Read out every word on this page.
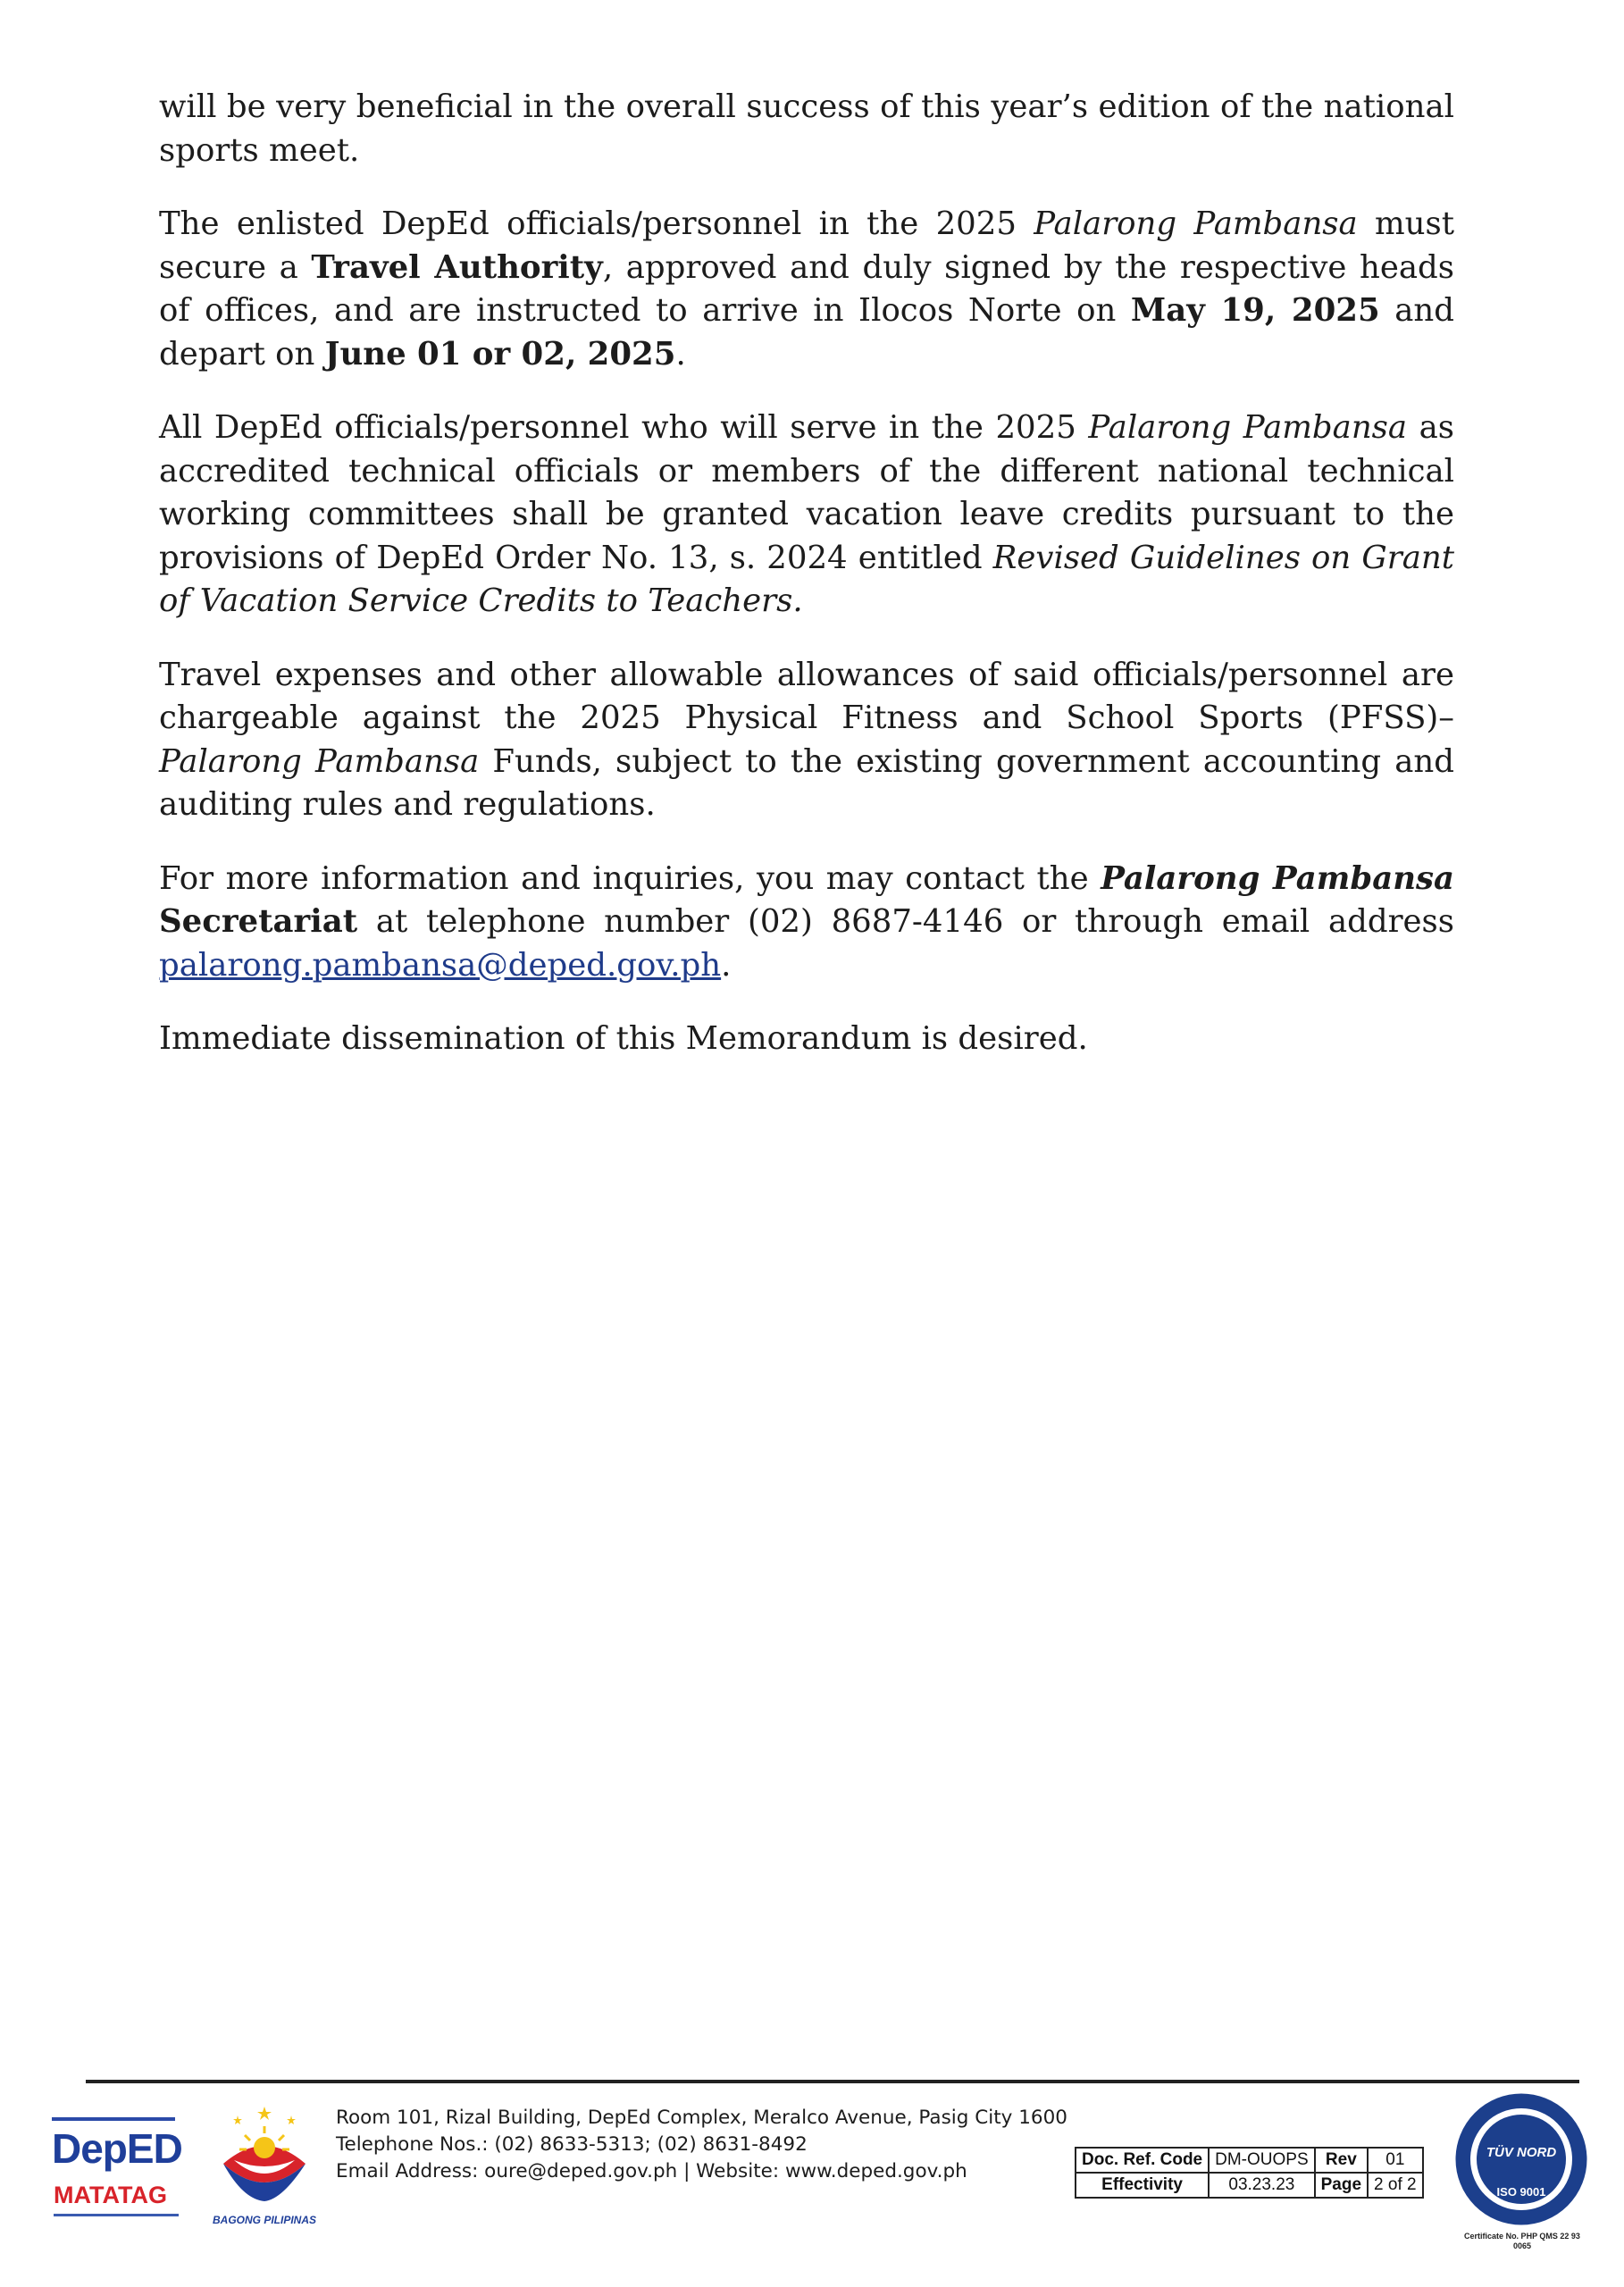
will be very beneficial in the overall success of this year’s edition of the national sports meet.

The enlisted DepEd officials/personnel in the 2025 Palarong Pambansa must secure a Travel Authority, approved and duly signed by the respective heads of offices, and are instructed to arrive in Ilocos Norte on May 19, 2025 and depart on June 01 or 02, 2025.

All DepEd officials/personnel who will serve in the 2025 Palarong Pambansa as accredited technical officials or members of the different national technical working committees shall be granted vacation leave credits pursuant to the provisions of DepEd Order No. 13, s. 2024 entitled Revised Guidelines on Grant of Vacation Service Credits to Teachers.

Travel expenses and other allowable allowances of said officials/personnel are chargeable against the 2025 Physical Fitness and School Sports (PFSS)–Palarong Pambansa Funds, subject to the existing government accounting and auditing rules and regulations.

For more information and inquiries, you may contact the Palarong Pambansa Secretariat at telephone number (02) 8687-4146 or through email address palarong.pambansa@deped.gov.ph.

Immediate dissemination of this Memorandum is desired.

DepED
MATATAG
BAGONG PILIPINAS
Room 101, Rizal Building, DepEd Complex, Meralco Avenue, Pasig City 1600
Telephone Nos.: (02) 8633-5313; (02) 8631-8492
Email Address: oure@deped.gov.ph | Website: www.deped.gov.ph
Doc. Ref. Code	DM-OUOPS	Rev	01
Effectivity	03.23.23	Page	2 of 2
TÜV NORD
ISO 9001
Certificate No. PHP QMS 22 93 0065
